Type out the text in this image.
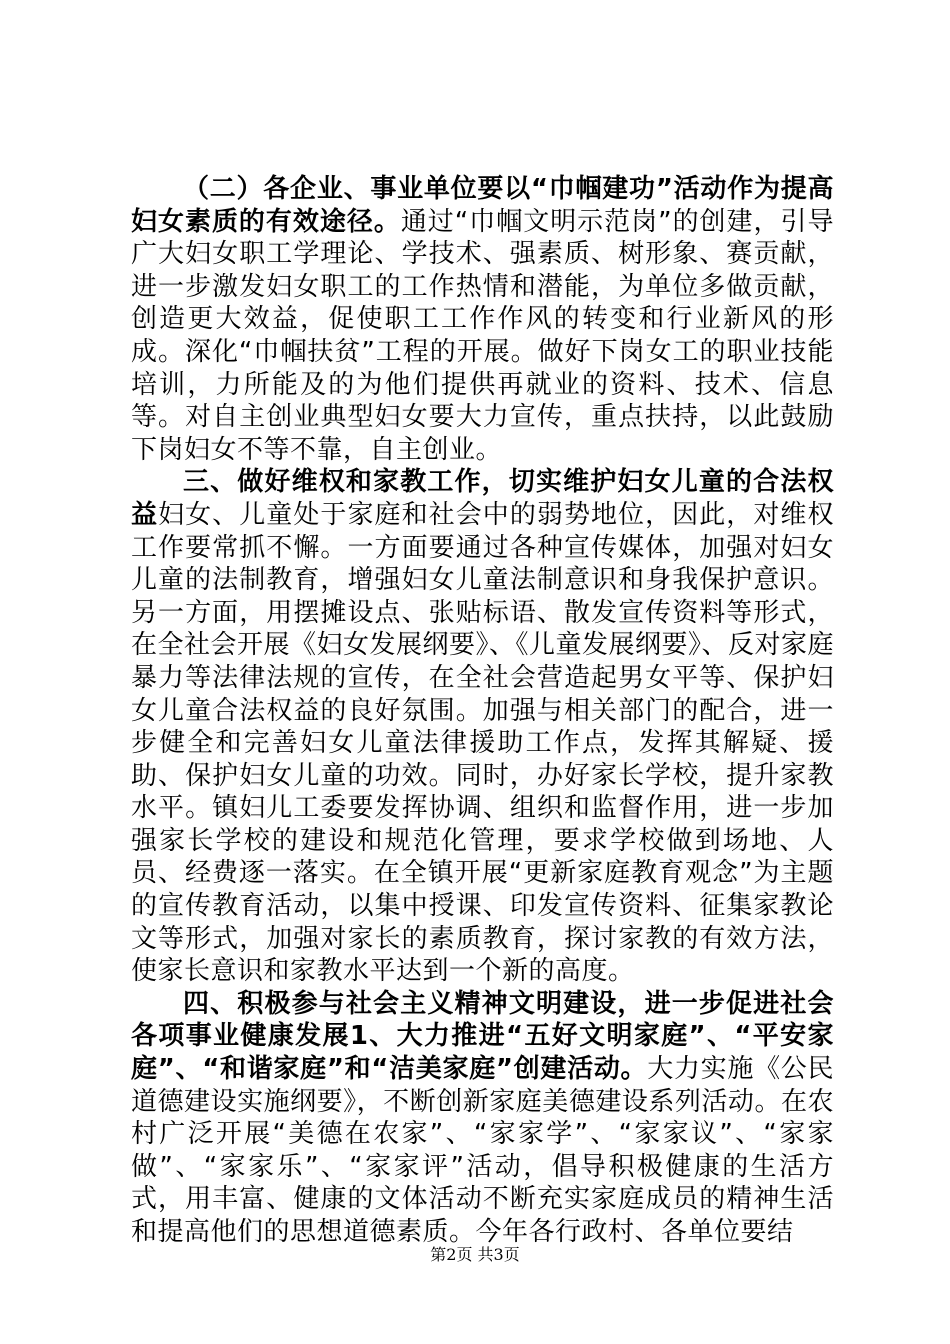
（二）各企业、事业单位要以“巾帼建功”活动作为提高妇女素质的有效途径。通过“巾帼文明示范岗”的创建，引导广大妇女职工学理论、学技术、强素质、树形象、赛贡献，进一步激发妇女职工的工作热情和潜能，为单位多做贡献，创造更大效益，促使职工工作作风的转变和行业新风的形成。深化“巾帼扶贫”工程的开展。做好下岗女工的职业技能培训，力所能及的为他们提供再就业的资料、技术、信息等。对自主创业典型妇女要大力宣传，重点扶持，以此鼓励下岗妇女不等不靠，自主创业。

三、做好维权和家教工作，切实维护妇女儿童的合法权益妇女、儿童处于家庭和社会中的弱势地位，因此，对维权工作要常抓不懈。一方面要通过各种宣传媒体，加强对妇女儿童的法制教育，增强妇女儿童法制意识和身我保护意识。另一方面，用摆摊设点、张贴标语、散发宣传资料等形式，在全社会开展《妇女发展纲要》、《儿童发展纲要》、反对家庭暴力等法律法规的宣传，在全社会营造起男女平等、保护妇女儿童合法权益的良好氛围。加强与相关部门的配合，进一步健全和完善妇女儿童法律援助工作点，发挥其解疑、援助、保护妇女儿童的功效。同时，办好家长学校，提升家教水平。镇妇儿工委要发挥协调、组织和监督作用，进一步加强家长学校的建设和规范化管理，要求学校做到场地、人员、经费逐一落实。在全镇开展“更新家庭教育观念”为主题的宣传教育活动，以集中授课、印发宣传资料、征集家教论文等形式，加强对家长的素质教育，探讨家教的有效方法，使家长意识和家教水平达到一个新的高度。

四、积极参与社会主义精神文明建设，进一步促进社会各项事业健康发展1、大力推进“五好文明家庭”、“平安家庭”、“和谐家庭”和“洁美家庭”创建活动。大力实施《公民道德建设实施纲要》，不断创新家庭美德建设系列活动。在农村广泛开展“美德在农家”、“家家学”、“家家议”、“家家做”、“家家乐”、“家家评”活动，倡导积极健康的生活方式，用丰富、健康的文体活动不断充实家庭成员的精神生活和提高他们的思想道德素质。今年各行政村、各单位要结

第2页 共3页
